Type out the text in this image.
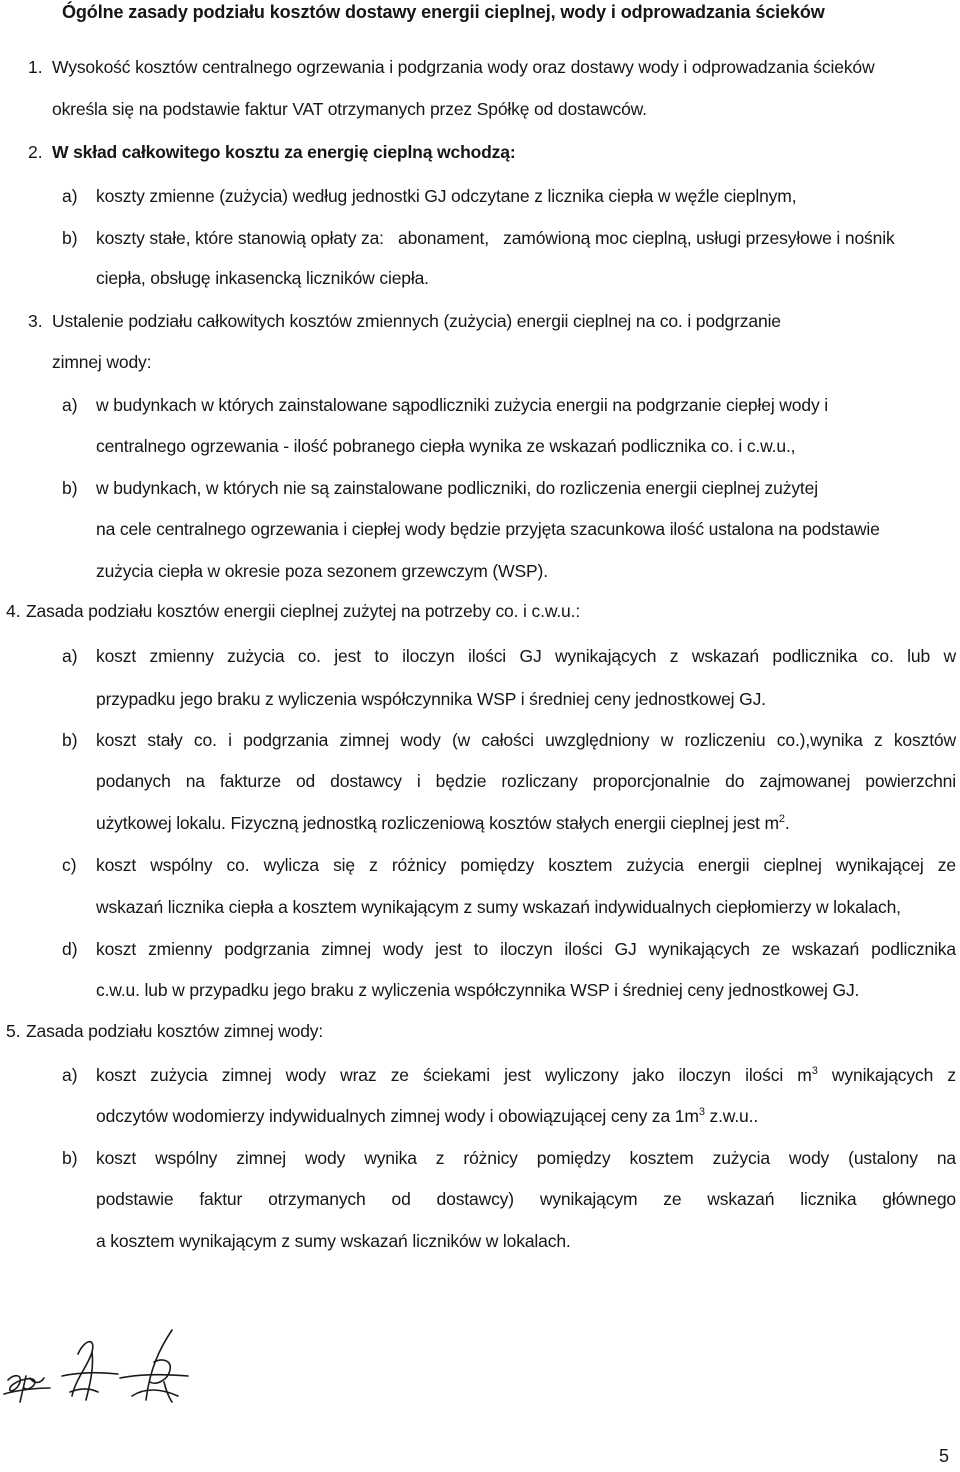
Ógólne zasady podziału kosztów dostawy energii cieplnej, wody i odprowadzania ścieków
1. Wysokość kosztów centralnego ogrzewania i podgrzania wody oraz dostawy wody i odprowadzania ścieków
określa się na podstawie faktur VAT otrzymanych przez Spółkę od dostawców.
2. W skład całkowitego kosztu za energię cieplną wchodzą:
a) koszty zmienne (zużycia) według jednostki GJ odczytane z licznika ciepła w węźle cieplnym,
b) koszty stałe, które stanowią opłaty za:   abonament,   zamówioną moc cieplną, usługi przesyłowe i nośnik
ciepła, obsługę inkasencką liczników ciepła.
3. Ustalenie podziału całkowitych kosztów zmiennych (zużycia) energii cieplnej na co. i podgrzanie
zimnej wody:
a) w budynkach w których zainstalowane sąpodliczniki zużycia energii na podgrzanie ciepłej wody i
centralnego ogrzewania - ilość pobranego ciepła wynika ze wskazań podlicznika co. i c.w.u.,
b) w budynkach, w których nie są zainstalowane podliczniki, do rozliczenia energii cieplnej zużytej
na cele centralnego ogrzewania i ciepłej wody będzie przyjęta szacunkowa ilość ustalona na podstawie
zużycia ciepła w okresie poza sezonem grzewczym (WSP).
4. Zasada podziału kosztów energii cieplnej zużytej na potrzeby co. i c.w.u.:
a) koszt zmienny zużycia co. jest to iloczyn ilości GJ wynikających z wskazań podlicznika co. lub w
przypadku jego braku z wyliczenia współczynnika WSP i średniej ceny jednostkowej GJ.
b) koszt stały co. i podgrzania zimnej wody (w całości uwzględniony w rozliczeniu co.),wynika z kosztów
podanych na fakturze od dostawcy i będzie rozliczany proporcjonalnie do zajmowanej powierzchni
użytkowej lokalu. Fizyczną jednostką rozliczeniową kosztów stałych energii cieplnej jest $m^2$.
c) koszt wspólny co. wylicza się z różnicy pomiędzy kosztem zużycia energii cieplnej wynikającej ze
wskazań licznika ciepła a kosztem wynikającym z sumy wskazań indywidualnych ciepłomierzy w lokalach,
d) koszt zmienny podgrzania zimnej wody jest to iloczyn ilości GJ wynikających ze wskazań podlicznika
c.w.u. lub w przypadku jego braku z wyliczenia współczynnika WSP i średniej ceny jednostkowej GJ.
5. Zasada podziału kosztów zimnej wody:
a) koszt zużycia zimnej wody wraz ze ściekami jest wyliczony jako iloczyn ilości $m^3$ wynikających z
odczytów wodomierzy indywidualnych zimnej wody i obowiązującej ceny za $1m^3$ z.w.u..
b) koszt wspólny zimnej wody wynika z różnicy pomiędzy kosztem zużycia wody (ustalony na
podstawie faktur otrzymanych od dostawcy) wynikającym ze wskazań licznika głównego
a kosztem wynikającym z sumy wskazań liczników w lokalach.
5
